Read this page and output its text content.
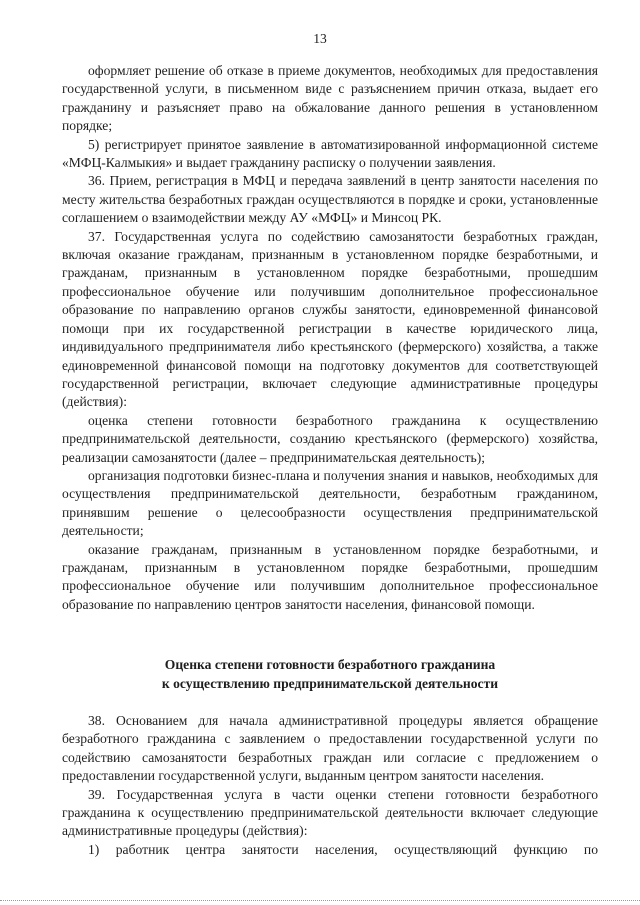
13

оформляет решение об отказе в приеме документов, необходимых для предоставления государственной услуги, в письменном виде с разъяснением причин отказа, выдает его гражданину и разъясняет право на обжалование данного решения в установленном порядке;

5) регистрирует принятое заявление в автоматизированной информационной системе «МФЦ-Калмыкия» и выдает гражданину расписку о получении заявления.

36. Прием, регистрация в МФЦ и передача заявлений в центр занятости населения по месту жительства безработных граждан осуществляются в порядке и сроки, установленные соглашением о взаимодействии между АУ «МФЦ» и Минсоц РК.

37. Государственная услуга по содействию самозанятости безработных граждан, включая оказание гражданам, признанным в установленном порядке безработными, и гражданам, признанным в установленном порядке безработными, прошедшим профессиональное обучение или получившим дополнительное профессиональное образование по направлению органов службы занятости, единовременной финансовой помощи при их государственной регистрации в качестве юридического лица, индивидуального предпринимателя либо крестьянского (фермерского) хозяйства, а также единовременной финансовой помощи на подготовку документов для соответствующей государственной регистрации, включает следующие административные процедуры (действия):

оценка степени готовности безработного гражданина к осуществлению предпринимательской деятельности, созданию крестьянского (фермерского) хозяйства, реализации самозанятости (далее – предпринимательская деятельность);

организация подготовки бизнес-плана и получения знания и навыков, необходимых для осуществления предпринимательской деятельности, безработным гражданином, принявшим решение о целесообразности осуществления предпринимательской деятельности;

оказание гражданам, признанным в установленном порядке безработными, и гражданам, признанным в установленном порядке безработными, прошедшим профессиональное обучение или получившим дополнительное профессиональное образование по направлению центров занятости населения, финансовой помощи.

Оценка степени готовности безработного гражданина
к осуществлению предпринимательской деятельности

38. Основанием для начала административной процедуры является обращение безработного гражданина с заявлением о предоставлении государственной услуги по содействию самозанятости безработных граждан или согласие с предложением о предоставлении государственной услуги, выданным центром занятости населения.

39. Государственная услуга в части оценки степени готовности безработного гражданина к осуществлению предпринимательской деятельности включает следующие административные процедуры (действия):

1) работник центра занятости населения, осуществляющий функцию по
